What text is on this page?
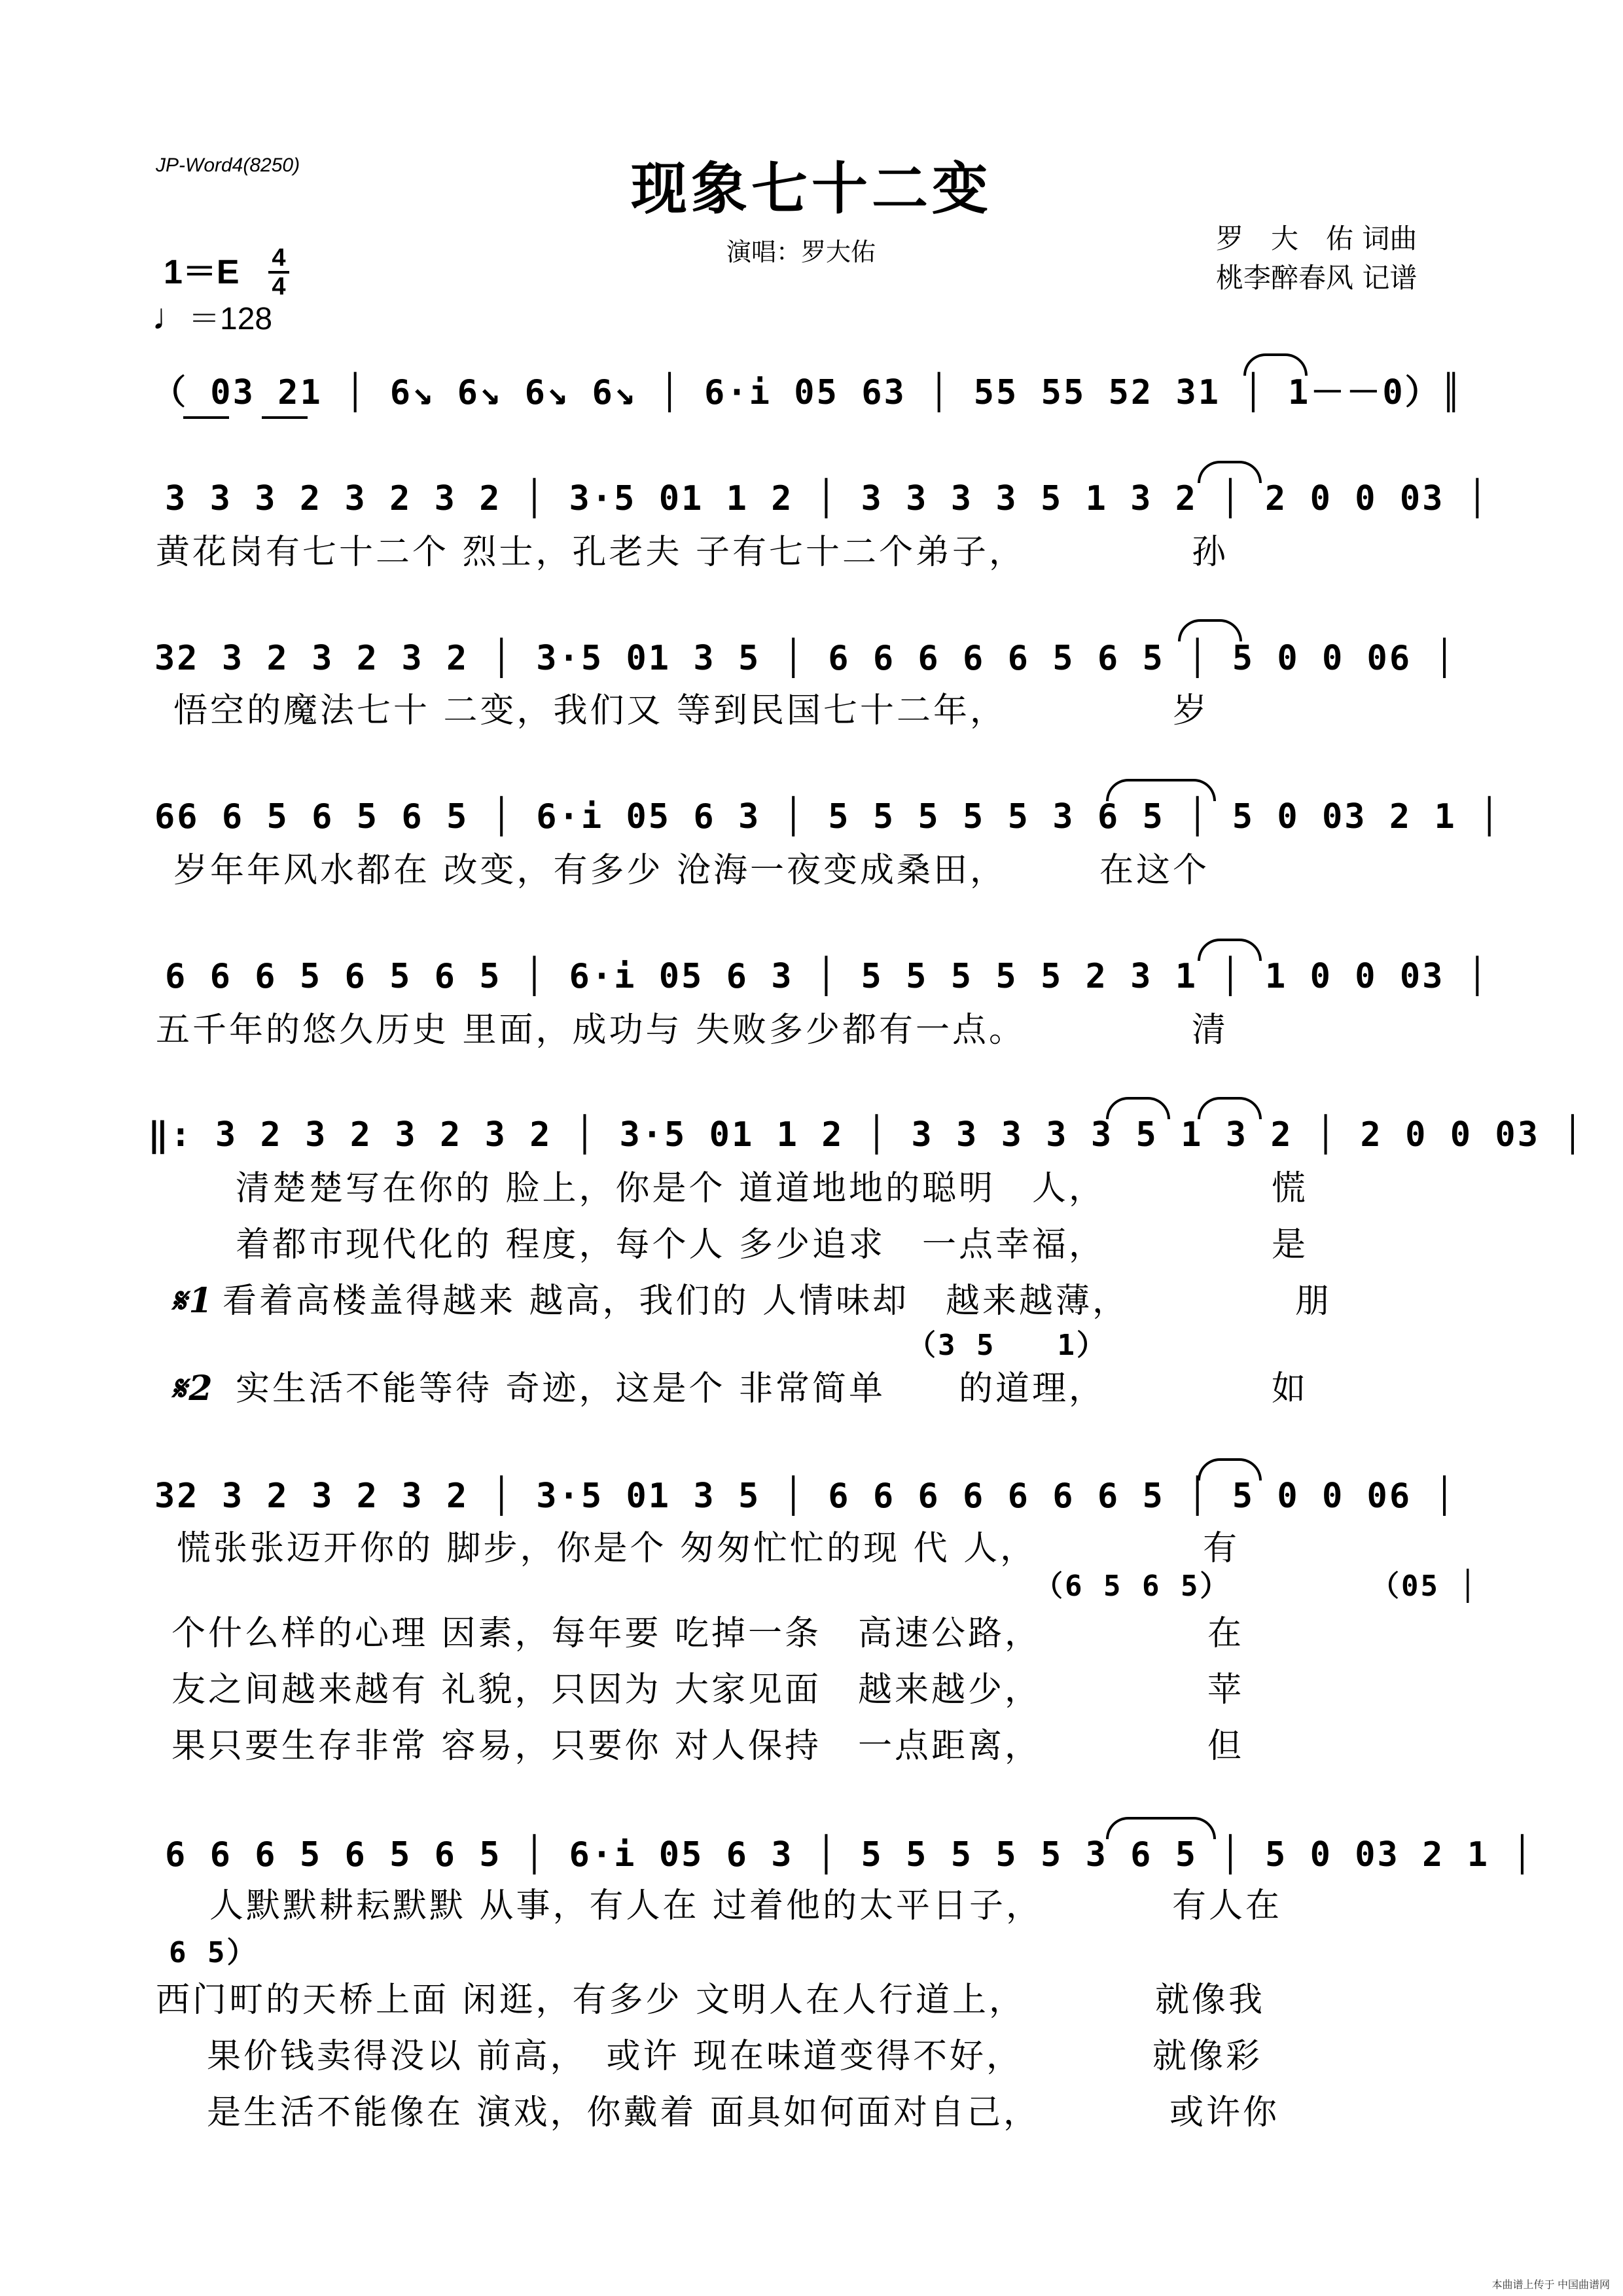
JP-Word4(8250)	现象七十二变
演唱：罗大佑	罗　大　佑 词曲
桃李醉春风 记谱
1＝E 4
4
♩＝128
（ 03 21 │ 6↘ 6↘ 6↘ 6↘ │ 6·i 05 63 │ 55 55 52 31 │ 1－－0）║
3 3 3 2 3 2 3 2 │ 3·5 01 1 2 │ 3 3 3 3 5 1 3 2 │ 2 0 0 03 │
黄花岗有七十二个 烈士，孔老夫 子有七十二个弟子，　　　　　孙
32 3 2 3 2 3 2 │ 3·5 01 3 5 │ 6 6 6 6 6 5 6 5 │ 5 0 0 06 │
悟空的魔法七十 二变，我们又 等到民国七十二年，　　　　　岁
66 6 5 6 5 6 5 │ 6·i 05 6 3 │ 5 5 5 5 5 3 6 5 │ 5 0 03 2 1 │
岁年年风水都在 改变，有多少 沧海一夜变成桑田，　　　在这个
6 6 6 5 6 5 6 5 │ 6·i 05 6 3 │ 5 5 5 5 5 2 3 1 │ 1 0 0 03 │
五千年的悠久历史 里面，成功与 失败多少都有一点。　　　　　清
‖: 3 2 3 2 3 2 3 2 │ 3·5 01 1 2 │ 3 3 3 3 3 5 1 3 2 │ 2 0 0 03 │
清楚楚写在你的 脸上，你是个 道道地地的聪明　人，　　　　　慌
着都市现代化的 程度，每个人 多少追求　一点幸福，　　　　　是
𝄋1 看着高楼盖得越来 越高，我们的 人情味却　越来越薄，　　　　　朋
（3 5　　1）
𝄋2 实生活不能等待 奇迹，这是个 非常简单　　的道理，　　　　　如
32 3 2 3 2 3 2 │ 3·5 01 3 5 │ 6 6 6 6 6 6 6 5 │ 5 0 0 06 │
慌张张迈开你的 脚步，你是个 匆匆忙忙的现 代 人，　　　　　有
（6 5 6 5）	（05 │
个什么样的心理 因素，每年要 吃掉一条　高速公路，　　　　　在
友之间越来越有 礼貌，只因为 大家见面　越来越少，　　　　　苹
果只要生存非常 容易，只要你 对人保持　一点距离，　　　　　但
6 6 6 5 6 5 6 5 │ 6·i 05 6 3 │ 5 5 5 5 5 3 6 5 │ 5 0 03 2 1 │
人默默耕耘默默 从事，有人在 过着他的太平日子，　　　　有人在
6 5）
西门町的天桥上面 闲逛，有多少 文明人在人行道上，　　　　就像我
果价钱卖得没以 前高，　或许 现在味道变得不好，　　　　就像彩
是生活不能像在 演戏，你戴着 面具如何面对自己，　　　　或许你
本曲谱上传于 中国曲谱网
